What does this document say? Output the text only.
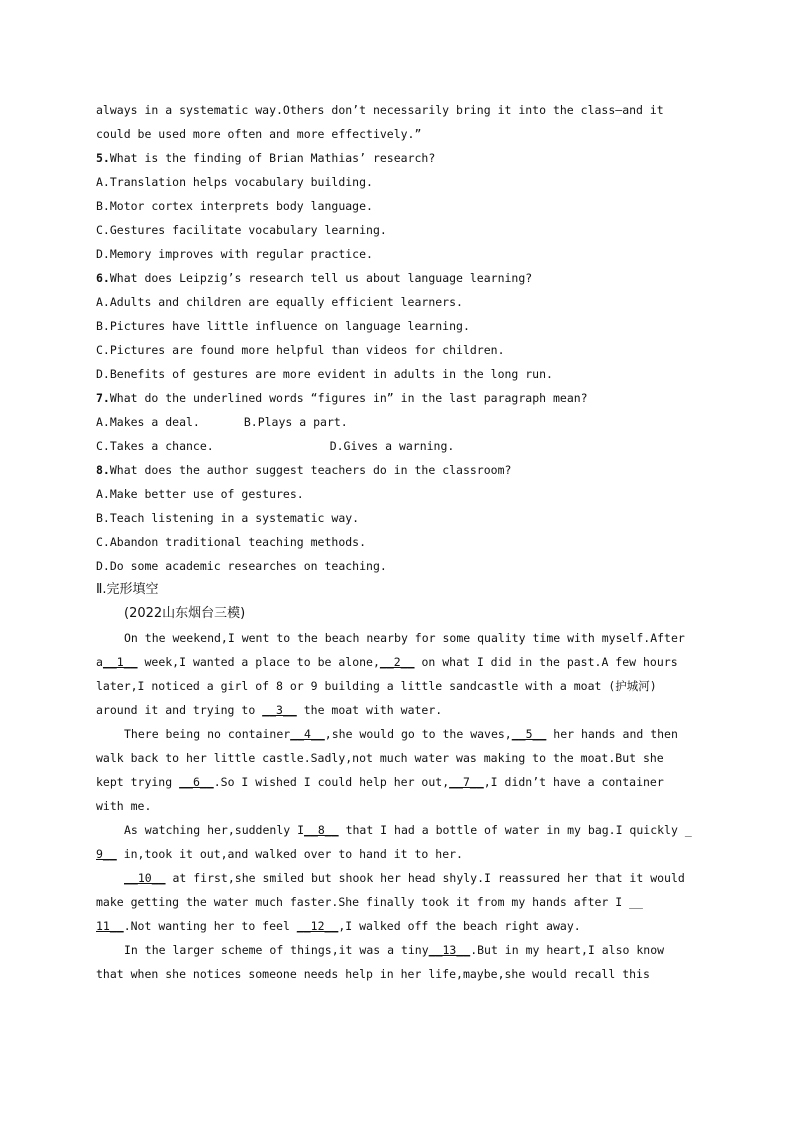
always in a systematic way.Others don’t necessarily bring it into the class—and it
could be used more often and more effectively.”
5.What is the finding of Brian Mathias’ research?
A.Translation helps vocabulary building.
B.Motor cortex interprets body language.
C.Gestures facilitate vocabulary learning.
D.Memory improves with regular practice.
6.What does Leipzig’s research tell us about language learning?
A.Adults and children are equally efficient learners.
B.Pictures have little influence on language learning.
C.Pictures are found more helpful than videos for children.
D.Benefits of gestures are more evident in adults in the long run.
7.What do the underlined words “figures in” in the last paragraph mean?
A.Makes a deal.	B.Plays a part.
C.Takes a chance.	D.Gives a warning.
8.What does the author suggest teachers do in the classroom?
A.Make better use of gestures.
B.Teach listening in a systematic way.
C.Abandon traditional teaching methods.
D.Do some academic researches on teaching.
Ⅱ.完形填空
(2022山东烟台三模)
On the weekend,I went to the beach nearby for some quality time with myself.After
a__1__ week,I wanted a place to be alone,__2__ on what I did in the past.A few hours
later,I noticed a girl of 8 or 9 building a little sandcastle with a moat (护城河)
around it and trying to __3__ the moat with water.
There being no container__4__,she would go to the waves,__5__ her hands and then
walk back to her little castle.Sadly,not much water was making to the moat.But she
kept trying __6__.So I wished I could help her out,__7__,I didn’t have a container
with me.
As watching her,suddenly I__8__ that I had a bottle of water in my bag.I quickly _
9__ in,took it out,and walked over to hand it to her.
__10__ at first,she smiled but shook her head shyly.I reassured her that it would
make getting the water much faster.She finally took it from my hands after I __
11__.Not wanting her to feel __12__,I walked off the beach right away.
In the larger scheme of things,it was a tiny__13__.But in my heart,I also know
that when she notices someone needs help in her life,maybe,she would recall this
